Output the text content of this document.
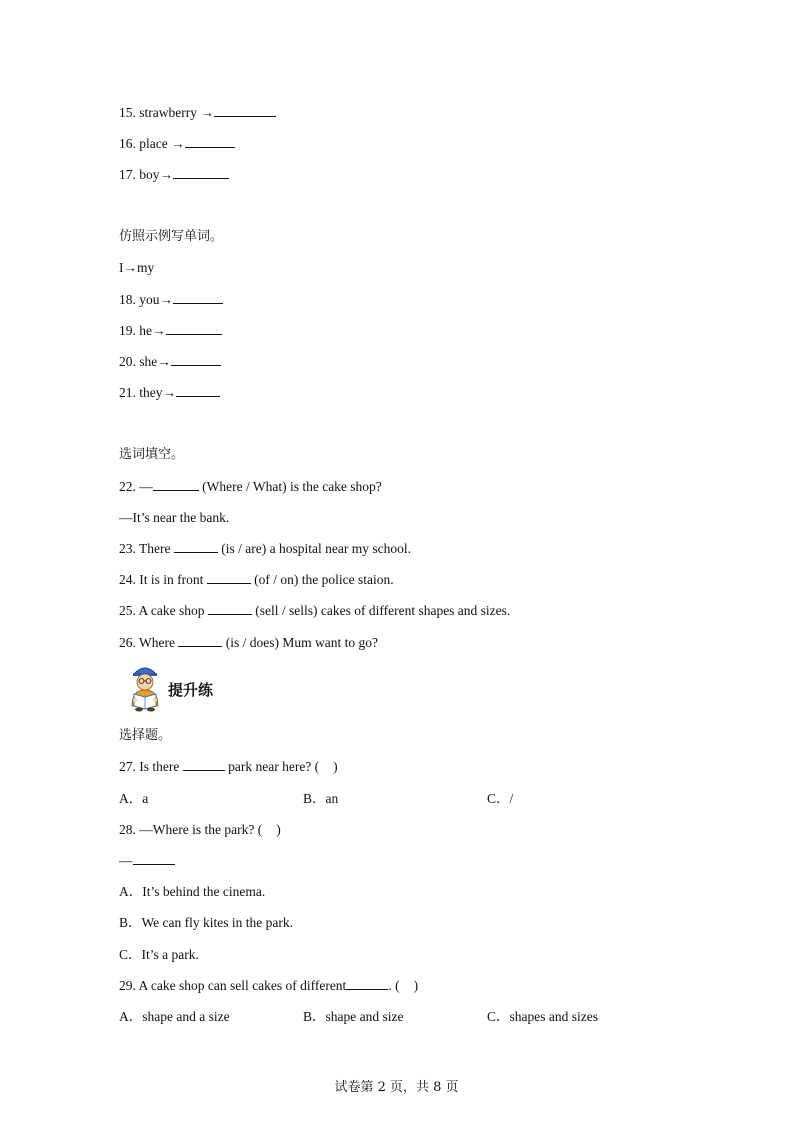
15. strawberry →
16. place →
17. boy→
仿照示例写单词。
I→my
18. you→
19. he→
20. she→
21. they→
选词填空。
22. —	(Where / What) is the cake shop?
—It’s near the bank.
23. There	(is / are) a hospital near my school.
24. It is in front	(of / on) the police staion.
25. A cake shop	(sell / sells) cakes of different shapes and sizes.
26. Where	(is / does) Mum want to go?
提升练
选择题。
27. Is there	park near here? ( )
A．a	B．an	C．/
28. —Where is the park? ( )
—
A．It’s behind the cinema.
B．We can fly kites in the park.
C．It’s a park.
29. A cake shop can sell cakes of different	. ( )
A．shape and a size	B．shape and size	C．shapes and sizes
试卷第 2 页，共 8 页
